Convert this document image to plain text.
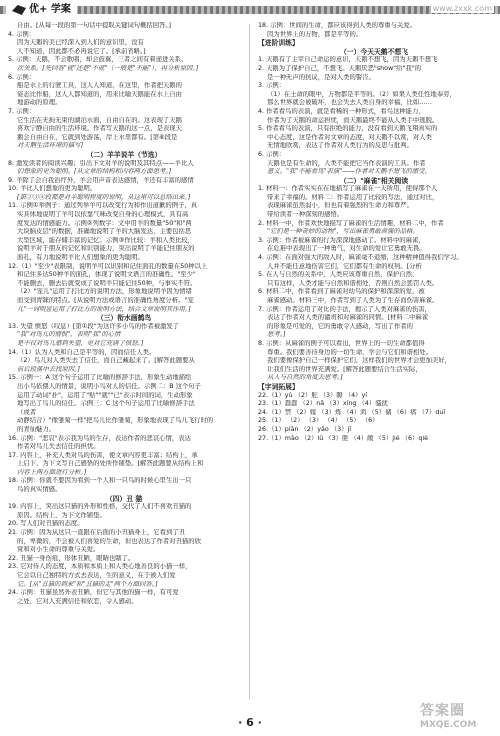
优+ 学案	www.zxxk.com
自由。[从每一段的第一句话中提取关键词句概括回答。]
4. 示例：
因为天鹅的美已经深入到人们的意识里，没有
人不知道，因此都不必再说它了。[承前省略。]
5. 示例：天鹅，不会歌唱，却会鼓翼，三者之间有着递进关系。
次关系。[先回答"就"还是"不就"（一般是"不能"），再分析原因。]
6. 示例：
船是水上的行驶工具，这人人知道，在这里，作者把天鹅的
姿态比作船，这人人都知道的，用来比喻天鹅能在水上自由
地游动的原理。
7. 示例：
它生活在无拘无束的湖泊水面，自由自在的。这表现了天鹅
喜欢宁静自由的生活环境。作者写天鹅的这一点，是表现天
鹅会自由自在，它就到处游荡，岸上水里都有。[第⑥段是
对天鹅生活环境的描写]
（二）羊羊说羊（节选）
8. 激发读者的阅读兴趣；引出下文对羊的说明及其特点——羊比人
们想象的更为聪明。[从文章的结构和内容两方面思考。]
9. 羊除了会自我治疗外，羊会用声音表达感情，羊还有丰富的感情
10. 羊比人们想象的更为聪明。
[第②③④段都是对羊聪明程度的说明，从这里可以总结出来。]
11. 示例①举例子：通过列举羊可以改变行为和作出道歉的例子，真
实具体地说明了羊可以依靠气味改变自身的心理模式，具有高
度发达的情感能力。示例②列数字：文中用羊的数量"50"和"两
大块脑皮层"的数据，准确地说明了羊的大脑发达，主要包括思
大型区域，能存储丰富的记忆；示例③作比较：羊和人类比较，
说明羊对于朋友的记忆和识别能力，突出说明了羊能记住朋友的
面孔，有力地说明羊比人们想象的更为聪明。
12.（1）"至少"表限制，说明羊可以识别和记住面孔的数量在50种以上
和记住多达50种羊的面孔，体现了说明文语言的准确性。"至少"
不能删去，删去后就变成了说明羊只能记住50种，与事实不符。
（2）"宠儿"运用了打比方的说明方法，形象地说明羊因为情绪
而受到青睐的特点。[从说明方法或语言的准确性角度分析。"宠
儿"一词明显运用了打比方的说明方法，结合文章说明其作用。]
（三）衔水画鹤鸟
13. 失望 愤怒（叹息）[第①段"为这许多小鸟的作者被激发了
"我"对鸟儿的憎恨"，表明"我"的心情
是不仅对鸟儿感到失望，更对它充满了愤怒。]
14.（1）认为人类和自己是平等的，因而信任人类。
（2）鸟儿对人类失去了信任，而自己藏起来了。[解答此题要从
前后段落中去找原因。]
15. 示例一：A 这个句子运用了比喻的修辞手法，形象生动地描绘
出小鸟依偎人的情景，说明小鸟对人的信任。示例二：B 这个句子
运用了动词"扑"，运用了"贴""就""已"表示时间的词，生动形象
地写出了鸟儿的信任。示例三：C 这个句子运用了比喻修辞手法
（或者
动静结合）"像雏菊一样"把鸟儿比作雏菊，形象地表现了鸟儿飞行时的
的青仙魅力。
16. 示例："悲哀"表示我为鸟的生存，表达作者的悲哀心情，表达
作者对鸟儿失去信任的担忧。
17. 内容上，补充人类对鸟的伤害，使文章内容更丰富；结构上，承
上启下，为下文写自己感悟的处所作铺垫。[解答此题要从结构上和
内容上两方面进行分析。]
18. 示例：你就不要因为看到一个人和一只鸟的时候心里生出一只
鸟的真实情感。
（四）丑 猫
19. 内容上，突出这只猫的外形和性格，交代了人们不喜欢丑猫的
原因。结构上，为下文作铺垫。
20. 写人们对丑猫的态度。
21. 示例：因为从这只一直跟在后面的小丑猫身上，它看到了丑
的，卑微的，不会被人们喜爱的生命，但也表达了作者对丑猫的欣
赏和对小生命的尊重与关爱。
22. 丑猫一身伤痕，形体丑陋，眼睛也瞎了。
23. 它对待人的态度，本质和本质上和人类心地善良的小猫一样，
它会以自己独特的方式去表达，生的意义，在于被人们爱
它。[从"丑猫的到来"和"丑猫的走"两个方面回答。]
24. 示例：丑猫虽然外表丑陋，但它与其他的猫一样，有可爱
之处，它对人充满信任和依恋，令人感动。
18. 示例：世间的生命，都应该得到人类的尊重与关爱。
因为世界上的万物，都是平等的。
【进阶训练】
（一）今天天鹅不想飞
1. 天鹅有了主宰自己命运的意识，天鹅不想飞，因为天鹅不想飞
2. 天鹅为了保护自己，不想飞。天鹅厌恶"show"给"我"的
是一种无声的抗议，是对人类的警告。
3. 示例：
（1）在土命的眼中，万物都是平等的。（2）如果人类任性地奉劳，
那么世界就会被破坏，也会失去人类自身的幸福，比如……
4. 作者看鸟的表演，就是看稀的一种形式，看鸟这种能力，
作者为了天鹅的命运担忧，而天鹅最终不能从人类手中逃脱。
5. 作者看鸟的表演，只有拒绝的能力，没有看到天鹅飞翔真实的
中心态度，这是作者对文章的态度，对天鹅不以赏，对人类
无情地欣赏，表达了作者对人类行为的反思与批判。
6. 示例：
天鹅也是有生命的，人类不能把它当作表演的工具。作者
意义。"我"不能看鸟"表演"——作者对天鹅不想飞的感受。
（二）"麻雀"相关阅读
1. 材料一：作者实实在在地描写了麻雀在一天所用，使得那个人
带来了幸福的。材料二：作者运用了比较的写法，通过对比，
表现麻雀虽然弱小，但也有着强烈的生命力和尊严。
带给读者一种深刻的感悟。
2. 材料一中，作者欢快地描写了麻雀的生活情趣，材料二中，作者
"它们是一种奇妙的动物"，写出麻雀勇敢顽强的品格。
3. 示例：作者被麻雀的行为深深地感动了。材料中的麻雀，
在危难中表现出了一种勇气，对生命的爱让它勇敢无畏。
4. 示例：在面对强大的敌人时，麻雀毫不退缩，这种精神值得我们学习。
人并不能任意地伤害它们，它们都有生命的权利。[分析
5. 在人与自然的关系中，人类应该尊重自然，保护自然，
只有这样，人类才能与自然和谐相处，否则自然会惩罚人类。
6. 材料二中，作者看到了麻雀对幼鸟的保护和深深的爱，被
麻雀感动。材料三中，作者写到了人类为了生存而伤害麻雀。
7. 示例：作者运用了对比的手法，揭示了人类对麻雀的伤害，
表达了作者对人类的谴责和对麻雀的同情。[材料二中麻雀
的形象是可爱的，它的勇敢令人感动，写出了作者的
思考。]
8. 示例：从麻雀的例子可以看出，世界上的一切生命都值得
尊重。我们要善待身边的一切生命，学会与它们和谐相处。
我们要像保护自己一样保护它们，这样我们的世界才会更加美好，
让我们生活的世界充满爱。[解答此题要结合生活实际，
从人与自然的角度去思考。]
【字词拓展】
22.（1）yù （2）舵 （3）瞭 （4）yí
23.（1）蠢蠢 （2）nǎ （3）xíng （4）骚扰
24.（1）禁 （2）嫁 （3）炼 （4）鸿 （5）储 （6）瘩 （7）duī
25.（1） （2） （3） （4） （5） （6）
26.（1）piān （2）yǎo （3）jī
27.（1）mào （2）lǜ （3）匪 （4）敞 （5）jié （6）qiè
· 6 ·
答案圈
MXQE.COM
